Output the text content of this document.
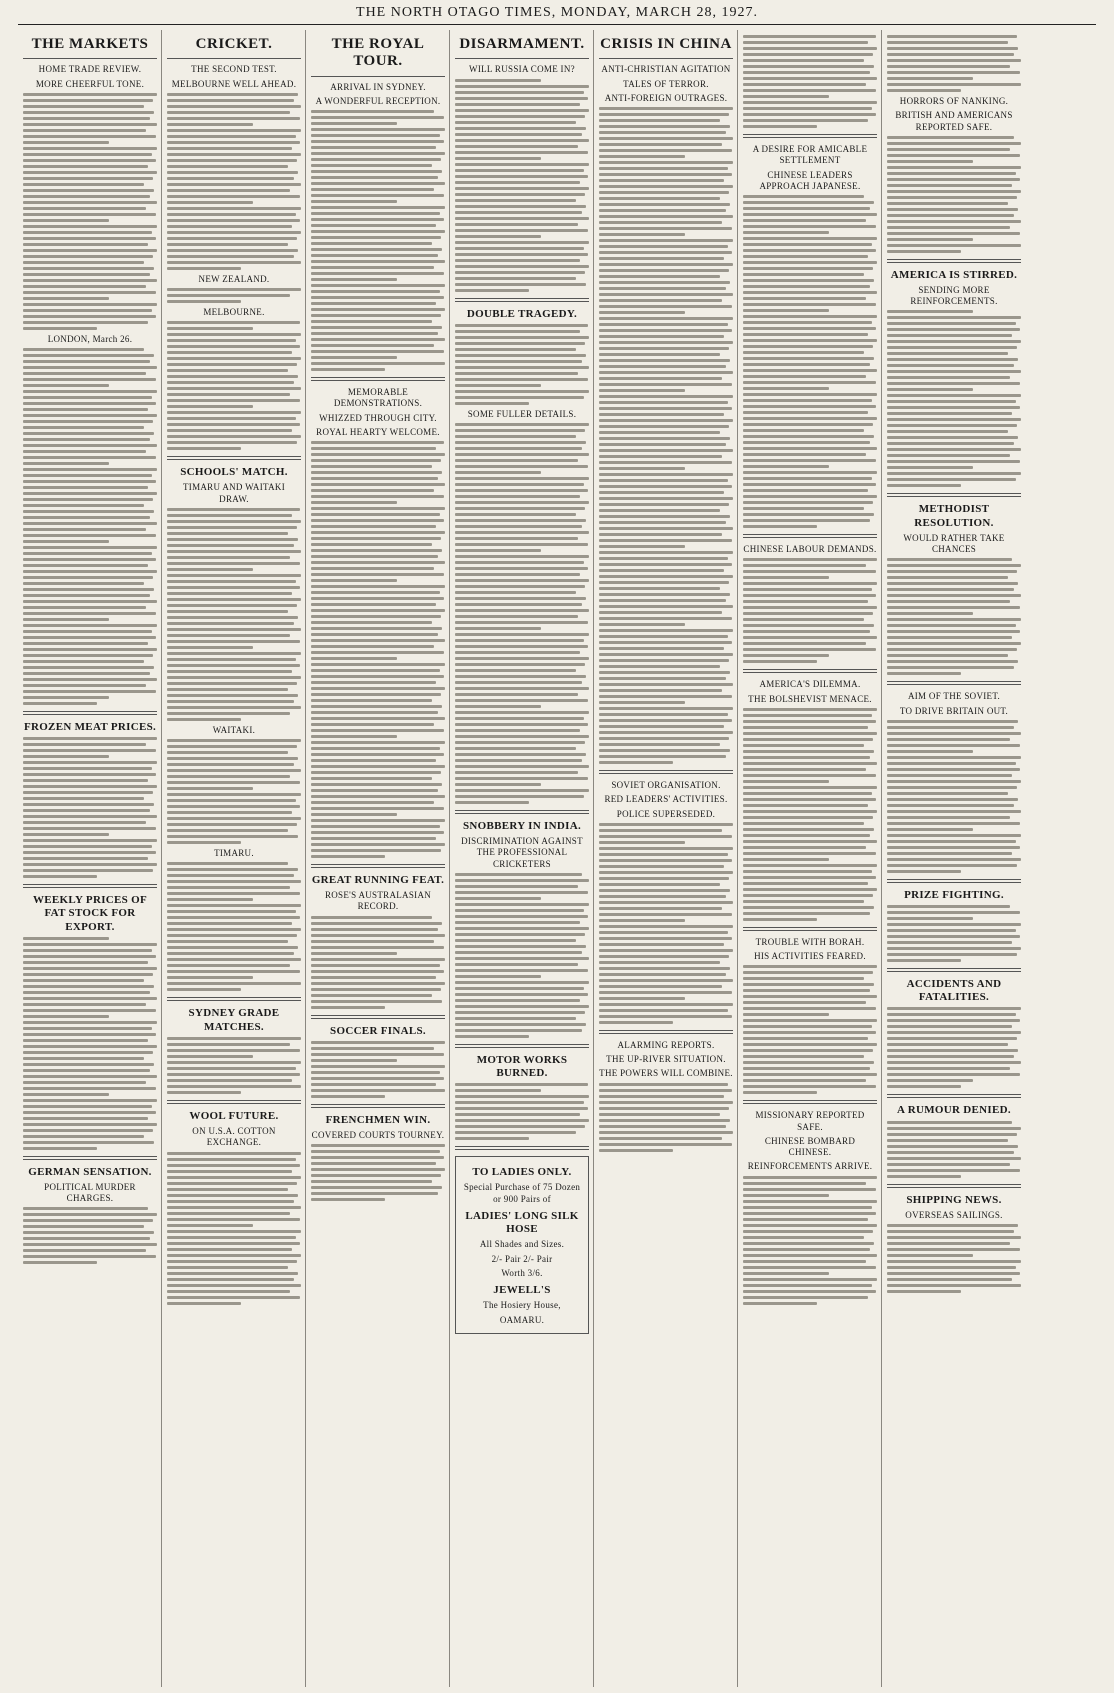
THE NORTH OTAGO TIMES, MONDAY, MARCH 28, 1927.
THE MARKETS
HOME TRADE REVIEW.
MORE CHEERFUL TONE.
LONDON, March 26.
FROZEN MEAT PRICES.
WEEKLY PRICES OF FAT STOCK FOR EXPORT.
GERMAN SENSATION.
POLITICAL MURDER CHARGES.
CRICKET.
THE SECOND TEST.
MELBOURNE WELL AHEAD.
NEW ZEALAND.
MELBOURNE.
SCHOOLS' MATCH.
TIMARU AND WAITAKI DRAW.
WAITAKI.
TIMARU.
SYDNEY GRADE MATCHES.
WOOL FUTURE.
ON U.S.A. COTTON EXCHANGE.
THE ROYAL TOUR.
ARRIVAL IN SYDNEY.
A WONDERFUL RECEPTION.
MEMORABLE DEMONSTRATIONS.
WHIZZED THROUGH CITY.
ROYAL HEARTY WELCOME.
GREAT RUNNING FEAT.
ROSE'S AUSTRALASIAN RECORD.
SOCCER FINALS.
FRENCHMEN WIN.
COVERED COURTS TOURNEY.
DISARMAMENT.
WILL RUSSIA COME IN?
DOUBLE TRAGEDY.
SOME FULLER DETAILS.
SNOBBERY IN INDIA.
DISCRIMINATION AGAINST THE PROFESSIONAL CRICKETERS
MOTOR WORKS BURNED.
TO LADIES ONLY.
Special Purchase of 75 Dozen or 900 Pairs of
LADIES' LONG SILK HOSE
All Shades and Sizes.
2/- Pair 2/- Pair
Worth 3/6.
JEWELL'S
The Hosiery House,
OAMARU.
CRISIS IN CHINA
ANTI-CHRISTIAN AGITATION
TALES OF TERROR.
ANTI-FOREIGN OUTRAGES.
SOVIET ORGANISATION.
RED LEADERS' ACTIVITIES.
POLICE SUPERSEDED.
ALARMING REPORTS.
THE UP-RIVER SITUATION.
THE POWERS WILL COMBINE.
A DESIRE FOR AMICABLE SETTLEMENT
CHINESE LEADERS APPROACH JAPANESE.
CHINESE LABOUR DEMANDS.
AMERICA'S DILEMMA.
THE BOLSHEVIST MENACE.
TROUBLE WITH BORAH.
HIS ACTIVITIES FEARED.
MISSIONARY REPORTED SAFE.
CHINESE BOMBARD CHINESE.
REINFORCEMENTS ARRIVE.
HORRORS OF NANKING.
BRITISH AND AMERICANS REPORTED SAFE.
AMERICA IS STIRRED.
SENDING MORE REINFORCEMENTS.
METHODIST RESOLUTION.
WOULD RATHER TAKE CHANCES
AIM OF THE SOVIET.
TO DRIVE BRITAIN OUT.
PRIZE FIGHTING.
ACCIDENTS AND FATALITIES.
A RUMOUR DENIED.
SHIPPING NEWS.
OVERSEAS SAILINGS.
